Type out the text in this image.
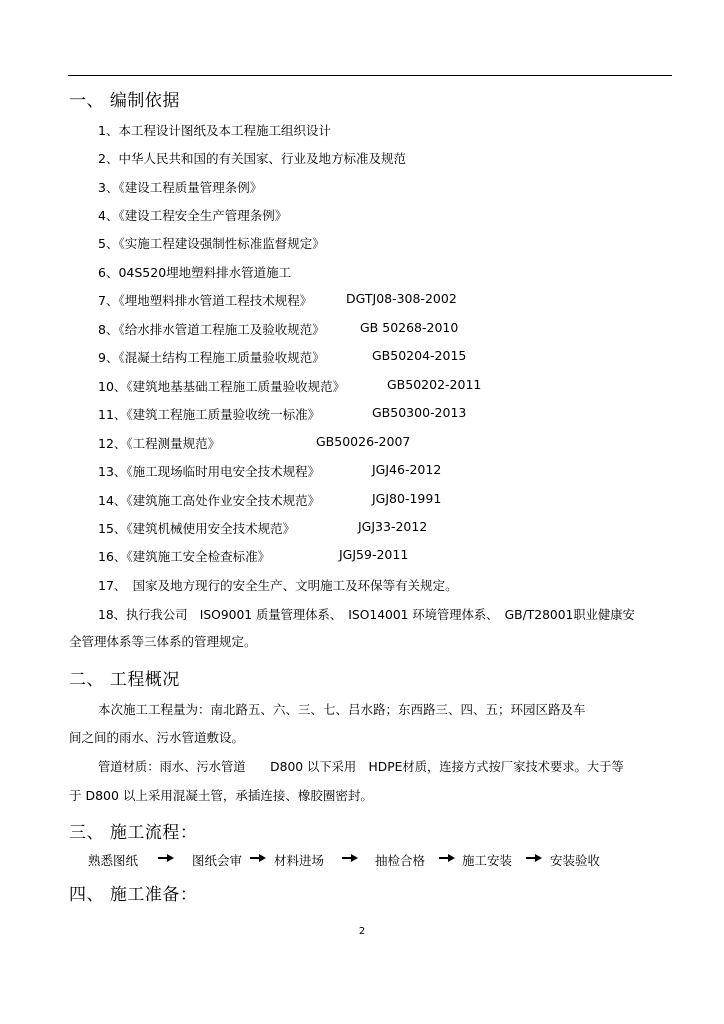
一、 编制依据
1、本工程设计图纸及本工程施工组织设计
2、中华人民共和国的有关国家、行业及地方标准及规范
3、《建设工程质量管理条例》
4、《建设工程安全生产管理条例》
5、《实施工程建设强制性标准监督规定》
6、04S520埋地塑料排水管道施工
7、《埋地塑料排水管道工程技术规程》	DGTJ08-308-2002
8、《给水排水管道工程施工及验收规范》	GB 50268-2010
9、《混凝土结构工程施工质量验收规范》	GB50204-2015
10、《建筑地基基础工程施工质量验收规范》	GB50202-2011
11、《建筑工程施工质量验收统一标准》	GB50300-2013
12、《工程测量规范》	GB50026-2007
13、《施工现场临时用电安全技术规程》	JGJ46-2012
14、《建筑施工高处作业安全技术规范》	JGJ80-1991
15、《建筑机械使用安全技术规范》	JGJ33-2012
16、《建筑施工安全检查标准》	JGJ59-2011
17、　国家及地方现行的安全生产、文明施工及环保等有关规定。
18、执行我公司　ISO9001 质量管理体系、　ISO14001 环境管理体系、　GB/T28001职业健康安
全管理体系等三体系的管理规定。
二、 工程概况
本次施工工程量为：南北路五、六、三、七、吕水路；东西路三、四、五；环园区路及车
间之间的雨水、污水管道敷设。
管道材质：雨水、污水管道　　D800 以下采用　HDPE材质，连接方式按厂家技术要求。大于等
于 D800 以上采用混凝土管，承插连接、橡胶圈密封。
三、 施工流程：
熟悉图纸	图纸会审	材料进场	抽检合格	施工安装	安装验收
四、 施工准备：
2
